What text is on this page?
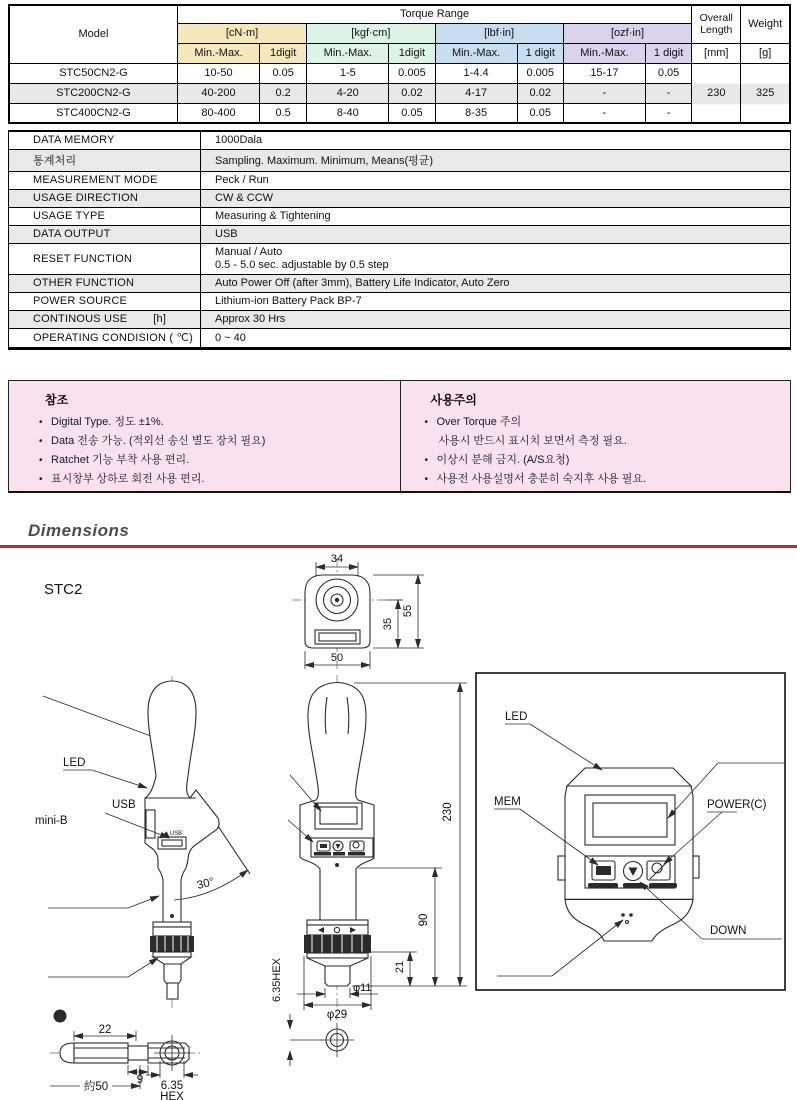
Model	Torque Range								Overall Length	Weight
	[cN·m]		[kgf·cm]		[lbf·in]		[ozf·in]			
	Min.-Max.	1digit	Min.-Max.	1digit	Min.-Max.	1 digit	Min.-Max.	1 digit	[mm]	[g]
STC50CN2-G	10-50	0.05	1-5	0.005	1-4.4	0.005	15-17	0.05	230	325
STC200CN2-G	40-200	0.2	4-20	0.02	4-17	0.02	-	-		
STC400CN2-G	80-400	0.5	8-40	0.05	8-35	0.05	-	-		
DATA MEMORY	1000Dala
통계처리	Sampling. Maximum. Minimum, Means(평균)
MEASUREMENT MODE	Peck / Run
USAGE DIRECTION	CW & CCW
USAGE TYPE	Measuring & Tightening
DATA OUTPUT	USB
RESET FUNCTION	Manual / Auto
0.5 - 5.0 sec. adjustable by 0.5 step

OTHER FUNCTION	Auto Power Off (after 3mm), Battery Life Indicator, Auto Zero
POWER SOURCE	Lithium-ion Battery Pack BP-7
CONTINOUS USE [h]	Approx 30 Hrs
OPERATING CONDISION ( ℃)	0 ~ 40
참조
• Digital Type. 정도 ±1%.
• Data 전송 가능. (적외선 송신 별도 장치 필요)
• Ratchet 기능 부착 사용 편리.
• 표시창부 상하로 회전 사용 편리.
사용주의
• Over Torque 주의
사용시 반드시 표시치 보면서 측정 필요.
• 이상시 분해 금지. (A/S요청)
• 사용전 사용설명서 충분히 숙지후 사용 필요.
Dimensions
STC2
34
55
35
50
230
90
21
φ11
φ29
6.35HEX
USB
LED
USB
mini-B
30°
LED
MEM	POWER(C)
DOWN
22
9
約50	6.35
HEX
